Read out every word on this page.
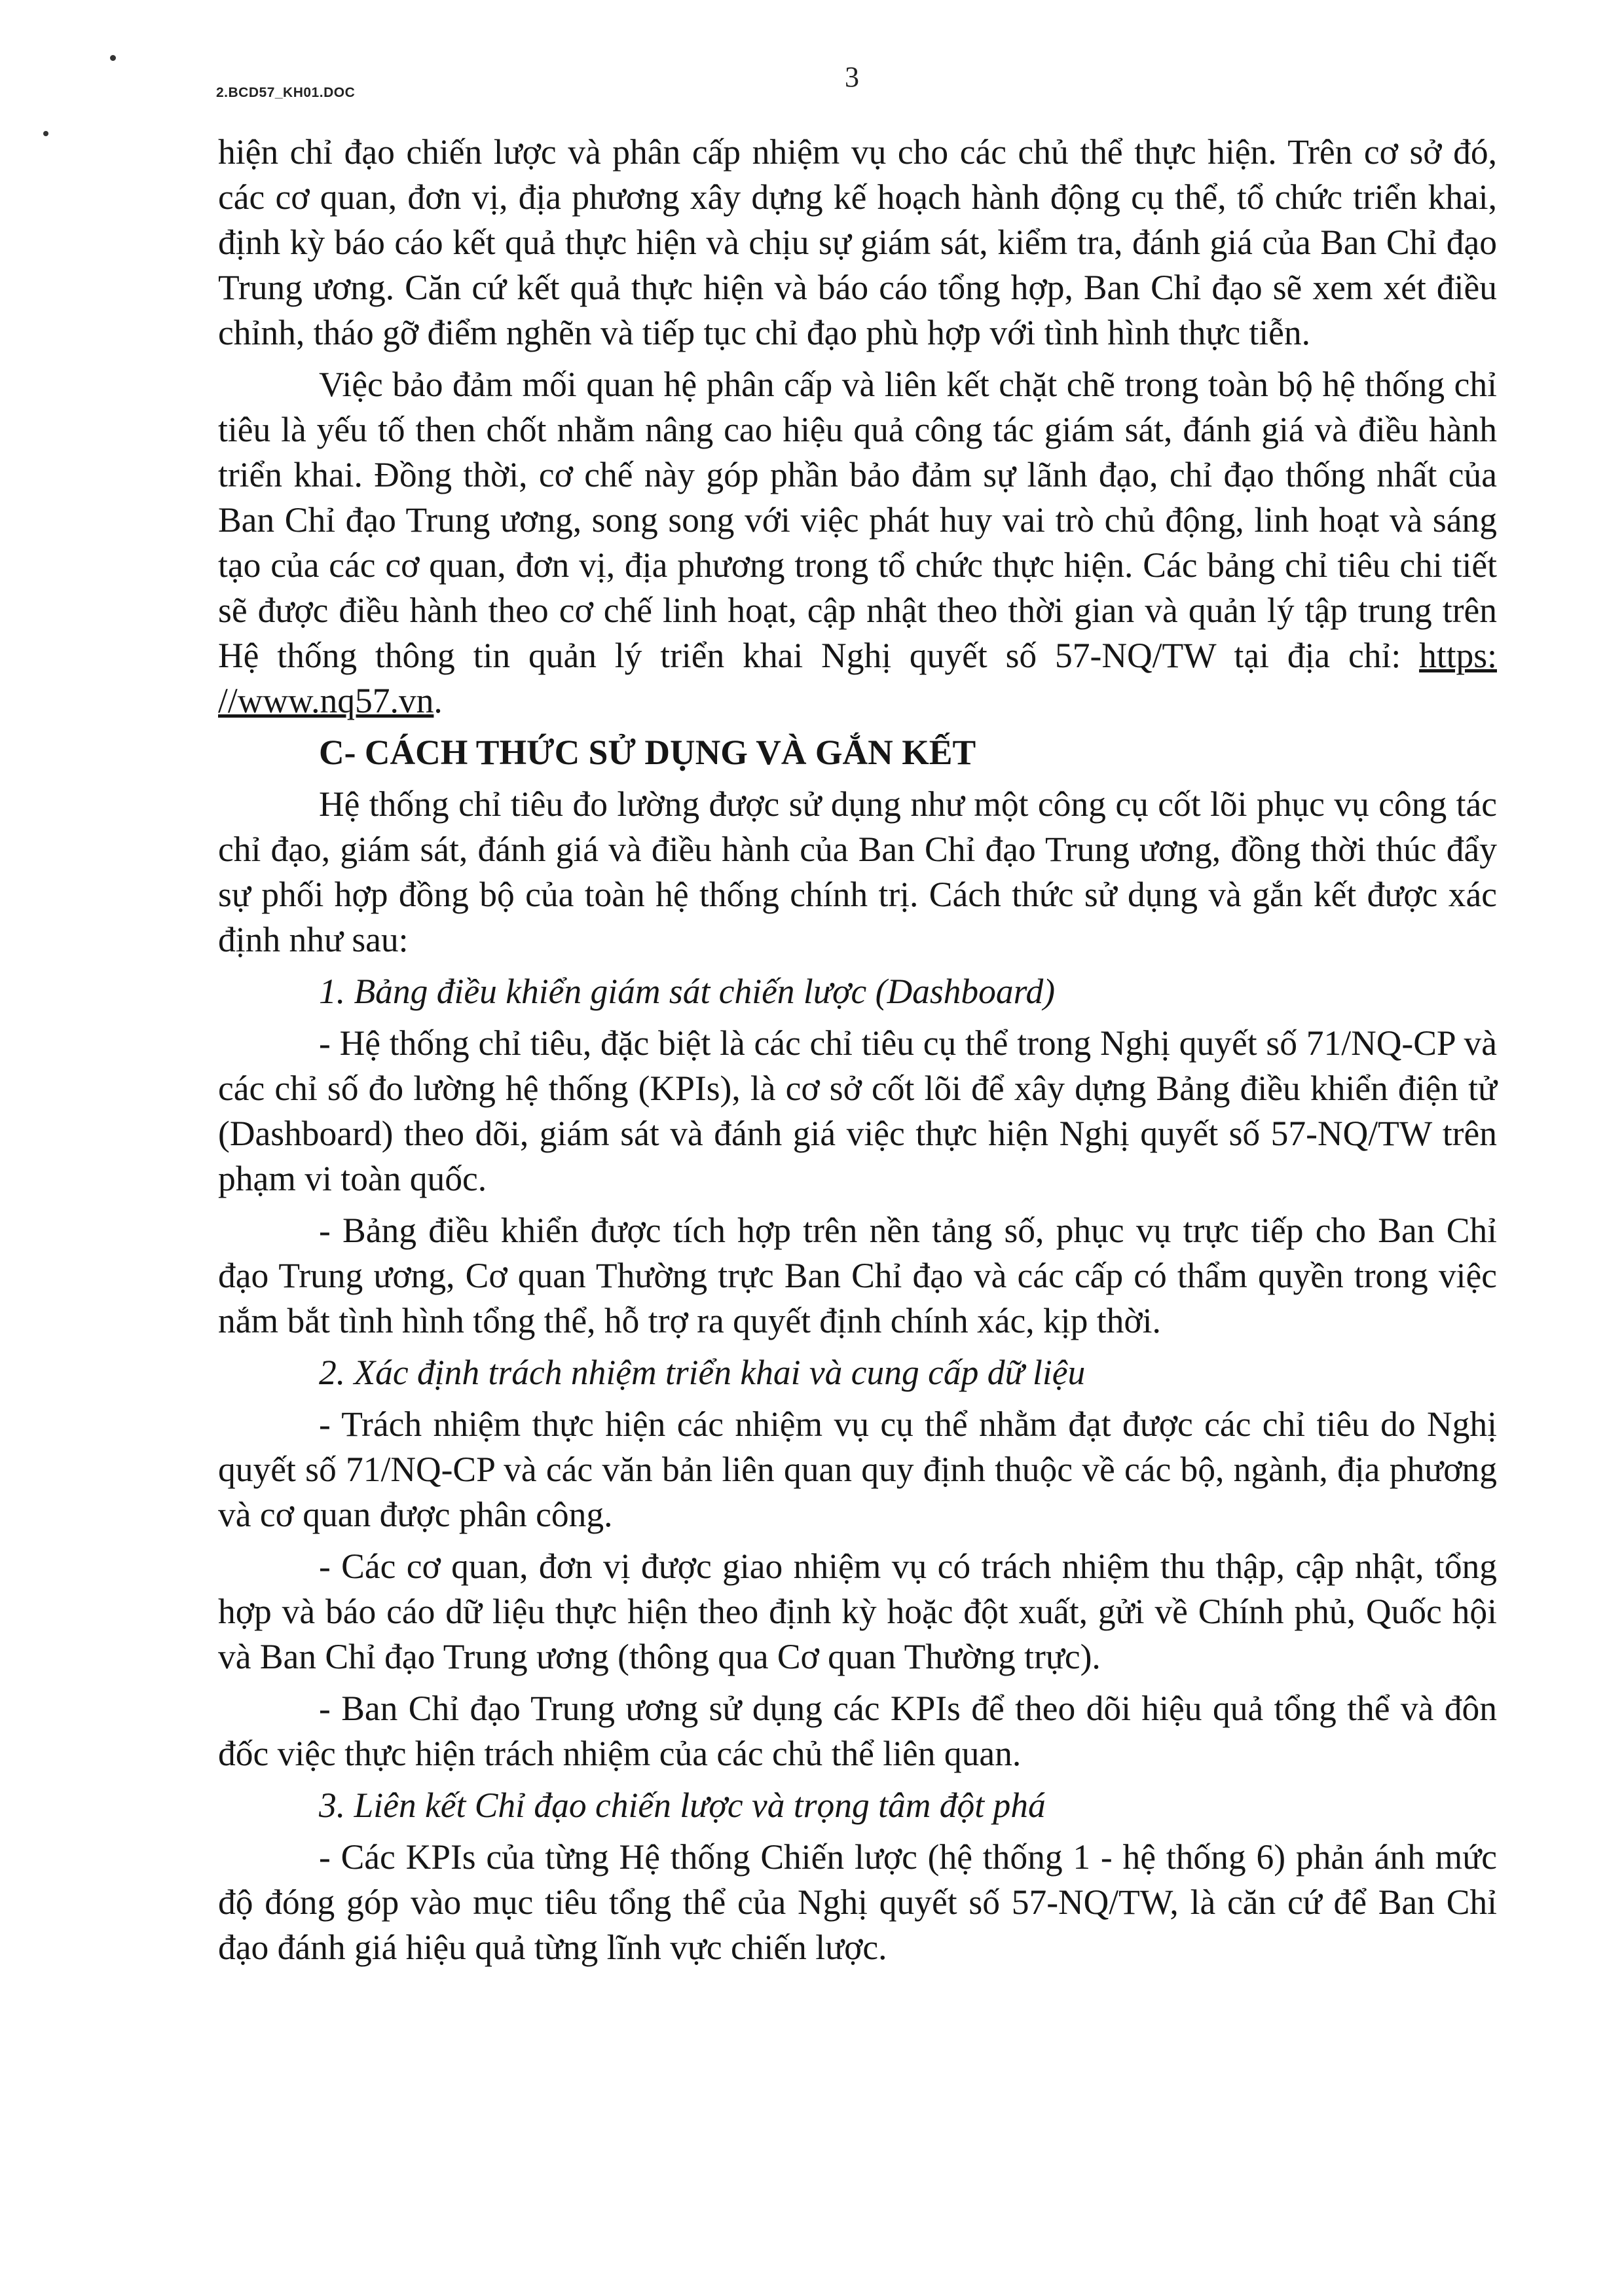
2.BCD57_KH01.DOC	3

hiện chỉ đạo chiến lược và phân cấp nhiệm vụ cho các chủ thể thực hiện. Trên cơ sở đó, các cơ quan, đơn vị, địa phương xây dựng kế hoạch hành động cụ thể, tổ chức triển khai, định kỳ báo cáo kết quả thực hiện và chịu sự giám sát, kiểm tra, đánh giá của Ban Chỉ đạo Trung ương. Căn cứ kết quả thực hiện và báo cáo tổng hợp, Ban Chỉ đạo sẽ xem xét điều chỉnh, tháo gỡ điểm nghẽn và tiếp tục chỉ đạo phù hợp với tình hình thực tiễn.

Việc bảo đảm mối quan hệ phân cấp và liên kết chặt chẽ trong toàn bộ hệ thống chỉ tiêu là yếu tố then chốt nhằm nâng cao hiệu quả công tác giám sát, đánh giá và điều hành triển khai. Đồng thời, cơ chế này góp phần bảo đảm sự lãnh đạo, chỉ đạo thống nhất của Ban Chỉ đạo Trung ương, song song với việc phát huy vai trò chủ động, linh hoạt và sáng tạo của các cơ quan, đơn vị, địa phương trong tổ chức thực hiện. Các bảng chỉ tiêu chi tiết sẽ được điều hành theo cơ chế linh hoạt, cập nhật theo thời gian và quản lý tập trung trên Hệ thống thông tin quản lý triển khai Nghị quyết số 57-NQ/TW tại địa chỉ: https: //www.nq57.vn.

C- CÁCH THỨC SỬ DỤNG VÀ GẮN KẾT

Hệ thống chỉ tiêu đo lường được sử dụng như một công cụ cốt lõi phục vụ công tác chỉ đạo, giám sát, đánh giá và điều hành của Ban Chỉ đạo Trung ương, đồng thời thúc đẩy sự phối hợp đồng bộ của toàn hệ thống chính trị. Cách thức sử dụng và gắn kết được xác định như sau:

1. Bảng điều khiển giám sát chiến lược (Dashboard)

- Hệ thống chỉ tiêu, đặc biệt là các chỉ tiêu cụ thể trong Nghị quyết số 71/NQ-CP và các chỉ số đo lường hệ thống (KPIs), là cơ sở cốt lõi để xây dựng Bảng điều khiển điện tử (Dashboard) theo dõi, giám sát và đánh giá việc thực hiện Nghị quyết số 57-NQ/TW trên phạm vi toàn quốc.

- Bảng điều khiển được tích hợp trên nền tảng số, phục vụ trực tiếp cho Ban Chỉ đạo Trung ương, Cơ quan Thường trực Ban Chỉ đạo và các cấp có thẩm quyền trong việc nắm bắt tình hình tổng thể, hỗ trợ ra quyết định chính xác, kịp thời.

2. Xác định trách nhiệm triển khai và cung cấp dữ liệu

- Trách nhiệm thực hiện các nhiệm vụ cụ thể nhằm đạt được các chỉ tiêu do Nghị quyết số 71/NQ-CP và các văn bản liên quan quy định thuộc về các bộ, ngành, địa phương và cơ quan được phân công.

- Các cơ quan, đơn vị được giao nhiệm vụ có trách nhiệm thu thập, cập nhật, tổng hợp và báo cáo dữ liệu thực hiện theo định kỳ hoặc đột xuất, gửi về Chính phủ, Quốc hội và Ban Chỉ đạo Trung ương (thông qua Cơ quan Thường trực).

- Ban Chỉ đạo Trung ương sử dụng các KPIs để theo dõi hiệu quả tổng thể và đôn đốc việc thực hiện trách nhiệm của các chủ thể liên quan.

3. Liên kết Chỉ đạo chiến lược và trọng tâm đột phá

- Các KPIs của từng Hệ thống Chiến lược (hệ thống 1 - hệ thống 6) phản ánh mức độ đóng góp vào mục tiêu tổng thể của Nghị quyết số 57-NQ/TW, là căn cứ để Ban Chỉ đạo đánh giá hiệu quả từng lĩnh vực chiến lược.
